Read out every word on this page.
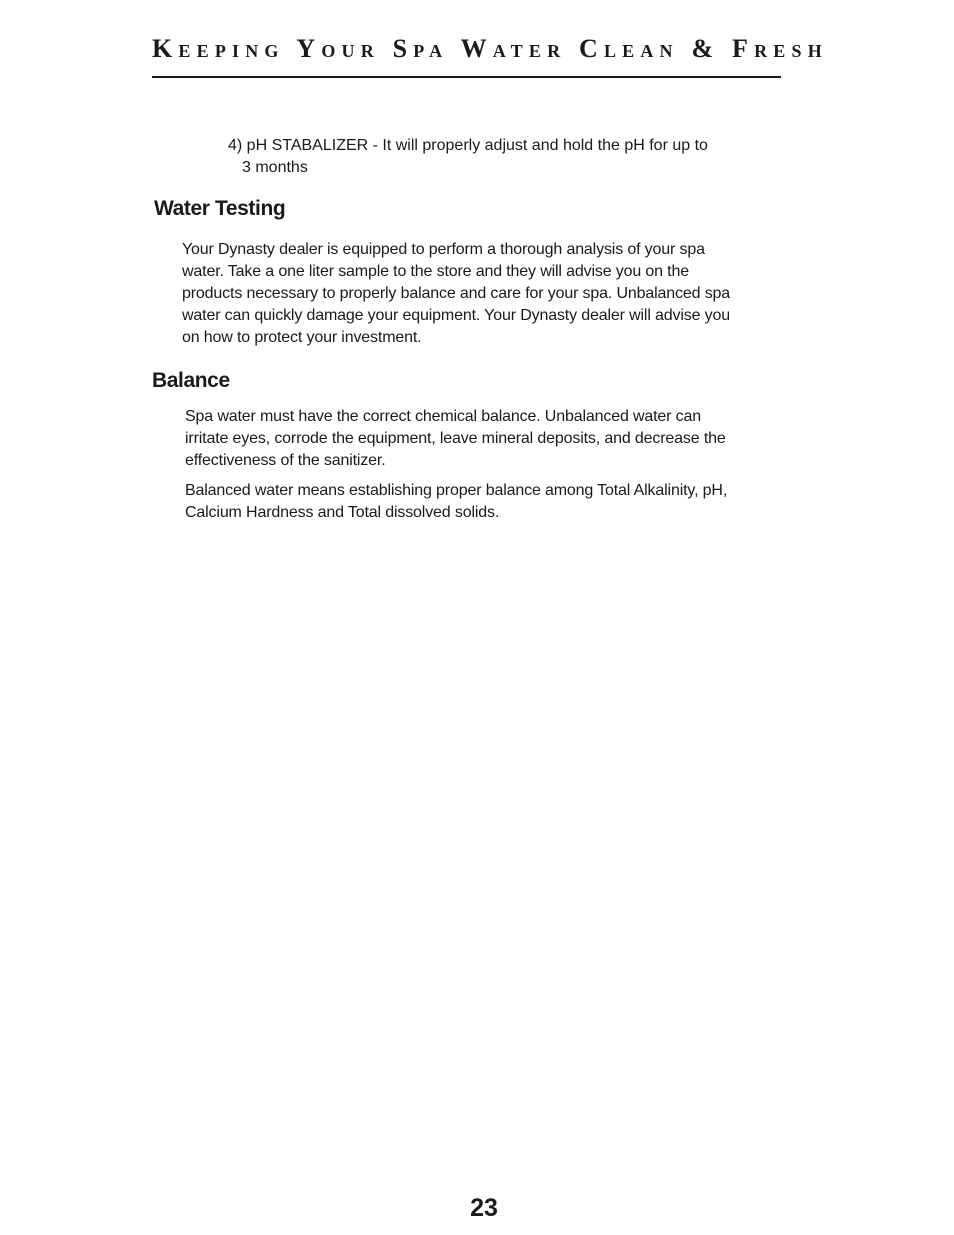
Keeping Your Spa Water Clean & Fresh

4) pH STABALIZER - It will properly adjust and hold the pH for up to
3 months

Water Testing

Your Dynasty dealer is equipped to perform a thorough analysis of your spa water. Take a one liter sample to the store and they will advise you on the products necessary to properly balance and care for your spa. Unbalanced spa water can quickly damage your equipment. Your Dynasty dealer will advise you on how to protect your investment.

Balance

Spa water must have the correct chemical balance. Unbalanced water can irritate eyes, corrode the equipment, leave mineral deposits, and decrease the effectiveness of the sanitizer.

Balanced water means establishing proper balance among Total Alkalinity, pH, Calcium Hardness and Total dissolved solids.

23
